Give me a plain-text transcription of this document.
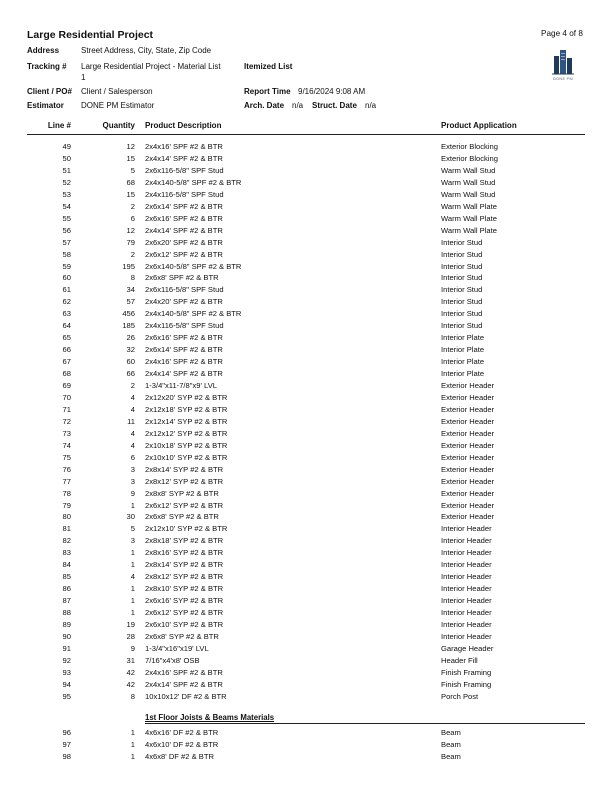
Large Residential Project	Page 4 of 8
DONE PM
Address	Street Address, City, State, Zip Code
Tracking # Large Residential Project - Material List
1
Itemized List
Client / PO# Client / Salesperson	Report Time 9/16/2024 9:08 AM
Estimator DONE PM Estimator	Arch. Date n/a Struct. Date n/a
Line #	Quantity Product Description	Product Application
49	12 2x4x16' SPF #2 & BTR	Exterior Blocking
50	15 2x4x14' SPF #2 & BTR	Exterior Blocking
51	5 2x6x116-5/8" SPF Stud	Warm Wall Stud
52	68 2x4x140-5/8" SPF #2 & BTR	Warm Wall Stud
53	15 2x4x116-5/8" SPF Stud	Warm Wall Stud
54	2 2x6x14' SPF #2 & BTR	Warm Wall Plate
55	6 2x6x16' SPF #2 & BTR	Warm Wall Plate
56	12 2x4x14' SPF #2 & BTR	Warm Wall Plate
57	79 2x6x20' SPF #2 & BTR	Interior Stud
58	2 2x6x12' SPF #2 & BTR	Interior Stud
59	195 2x6x140-5/8" SPF #2 & BTR	Interior Stud
60	8 2x6x8' SPF #2 & BTR	Interior Stud
61	34 2x6x116-5/8" SPF Stud	Interior Stud
62	57 2x4x20' SPF #2 & BTR	Interior Stud
63	456 2x4x140-5/8" SPF #2 & BTR	Interior Stud
64	185 2x4x116-5/8" SPF Stud	Interior Stud
65	26 2x6x16' SPF #2 & BTR	Interior Plate
66	32 2x6x14' SPF #2 & BTR	Interior Plate
67	60 2x4x16' SPF #2 & BTR	Interior Plate
68	66 2x4x14' SPF #2 & BTR	Interior Plate
69	2 1-3/4"x11-7/8"x9' LVL	Exterior Header
70	4 2x12x20' SYP #2 & BTR	Exterior Header
71	4 2x12x18' SYP #2 & BTR	Exterior Header
72	11 2x12x14' SYP #2 & BTR	Exterior Header
73	4 2x12x12' SYP #2 & BTR	Exterior Header
74	4 2x10x18' SYP #2 & BTR	Exterior Header
75	6 2x10x10' SYP #2 & BTR	Exterior Header
76	3 2x8x14' SYP #2 & BTR	Exterior Header
77	3 2x8x12' SYP #2 & BTR	Exterior Header
78	9 2x8x8' SYP #2 & BTR	Exterior Header
79	1 2x6x12' SYP #2 & BTR	Exterior Header
80	30 2x6x8' SYP #2 & BTR	Exterior Header
81	5 2x12x10' SYP #2 & BTR	Interior Header
82	3 2x8x18' SYP #2 & BTR	Interior Header
83	1 2x8x16' SYP #2 & BTR	Interior Header
84	1 2x8x14' SYP #2 & BTR	Interior Header
85	4 2x8x12' SYP #2 & BTR	Interior Header
86	1 2x8x10' SYP #2 & BTR	Interior Header
87	1 2x6x16' SYP #2 & BTR	Interior Header
88	1 2x6x12' SYP #2 & BTR	Interior Header
89	19 2x6x10' SYP #2 & BTR	Interior Header
90	28 2x6x8' SYP #2 & BTR	Interior Header
91	9 1-3/4"x16"x19' LVL	Garage Header
92	31 7/16"x4'x8' OSB	Header Fill
93	42 2x4x16' SPF #2 & BTR	Finish Framing
94	42 2x4x14' SPF #2 & BTR	Finish Framing
95	8 10x10x12' DF #2 & BTR	Porch Post
1st Floor Joists & Beams Materials
96	1 4x6x16' DF #2 & BTR	Beam
97	1 4x6x10' DF #2 & BTR	Beam
98	1 4x6x8' DF #2 & BTR	Beam
